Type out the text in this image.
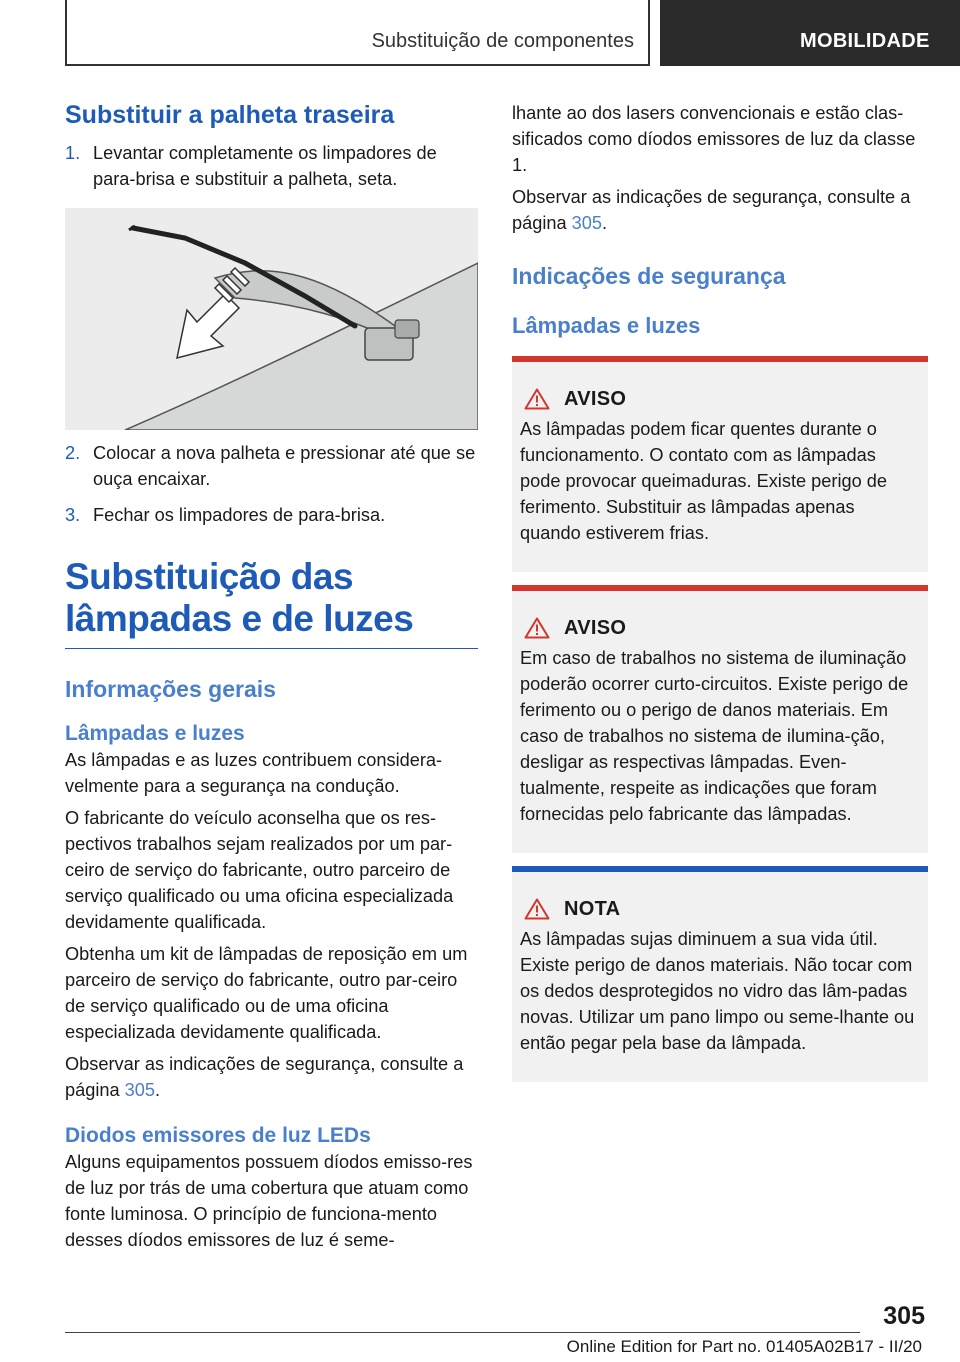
Substituição de componentes	MOBILIDADE
Substituir a palheta traseira
1. Levantar completamente os limpadores de para-brisa e substituir a palheta, seta.
2. Colocar a nova palheta e pressionar até que se ouça encaixar.
3. Fechar os limpadores de para-brisa.
Substituição das lâmpadas e de luzes
Informações gerais
Lâmpadas e luzes

As lâmpadas e as luzes contribuem considera-velmente para a segurança na condução.

O fabricante do veículo aconselha que os res-pectivos trabalhos sejam realizados por um par-ceiro de serviço do fabricante, outro parceiro de serviço qualificado ou uma oficina especializada devidamente qualificada.

Obtenha um kit de lâmpadas de reposição em um parceiro de serviço do fabricante, outro par-ceiro de serviço qualificado ou de uma oficina especializada devidamente qualificada.

Observar as indicações de segurança, consulte a página 305.

Diodos emissores de luz LEDs

Alguns equipamentos possuem díodos emisso-res de luz por trás de uma cobertura que atuam como fonte luminosa. O princípio de funciona-mento desses díodos emissores de luz é seme-

lhante ao dos lasers convencionais e estão clas-sificados como díodos emissores de luz da classe 1.

Observar as indicações de segurança, consulte a página 305.

Indicações de segurança
Lâmpadas e luzes
AVISO

As lâmpadas podem ficar quentes durante o funcionamento. O contato com as lâmpadas pode provocar queimaduras. Existe perigo de ferimento. Substituir as lâmpadas apenas quando estiverem frias.

AVISO

Em caso de trabalhos no sistema de iluminação poderão ocorrer curto-circuitos. Existe perigo de ferimento ou o perigo de danos materiais. Em caso de trabalhos no sistema de ilumina-ção, desligar as respectivas lâmpadas. Even-tualmente, respeite as indicações que foram fornecidas pelo fabricante das lâmpadas.

NOTA

As lâmpadas sujas diminuem a sua vida útil. Existe perigo de danos materiais. Não tocar com os dedos desprotegidos no vidro das lâm-padas novas. Utilizar um pano limpo ou seme-lhante ou então pegar pela base da lâmpada.

305
Online Edition for Part no. 01405A02B17 - II/20
